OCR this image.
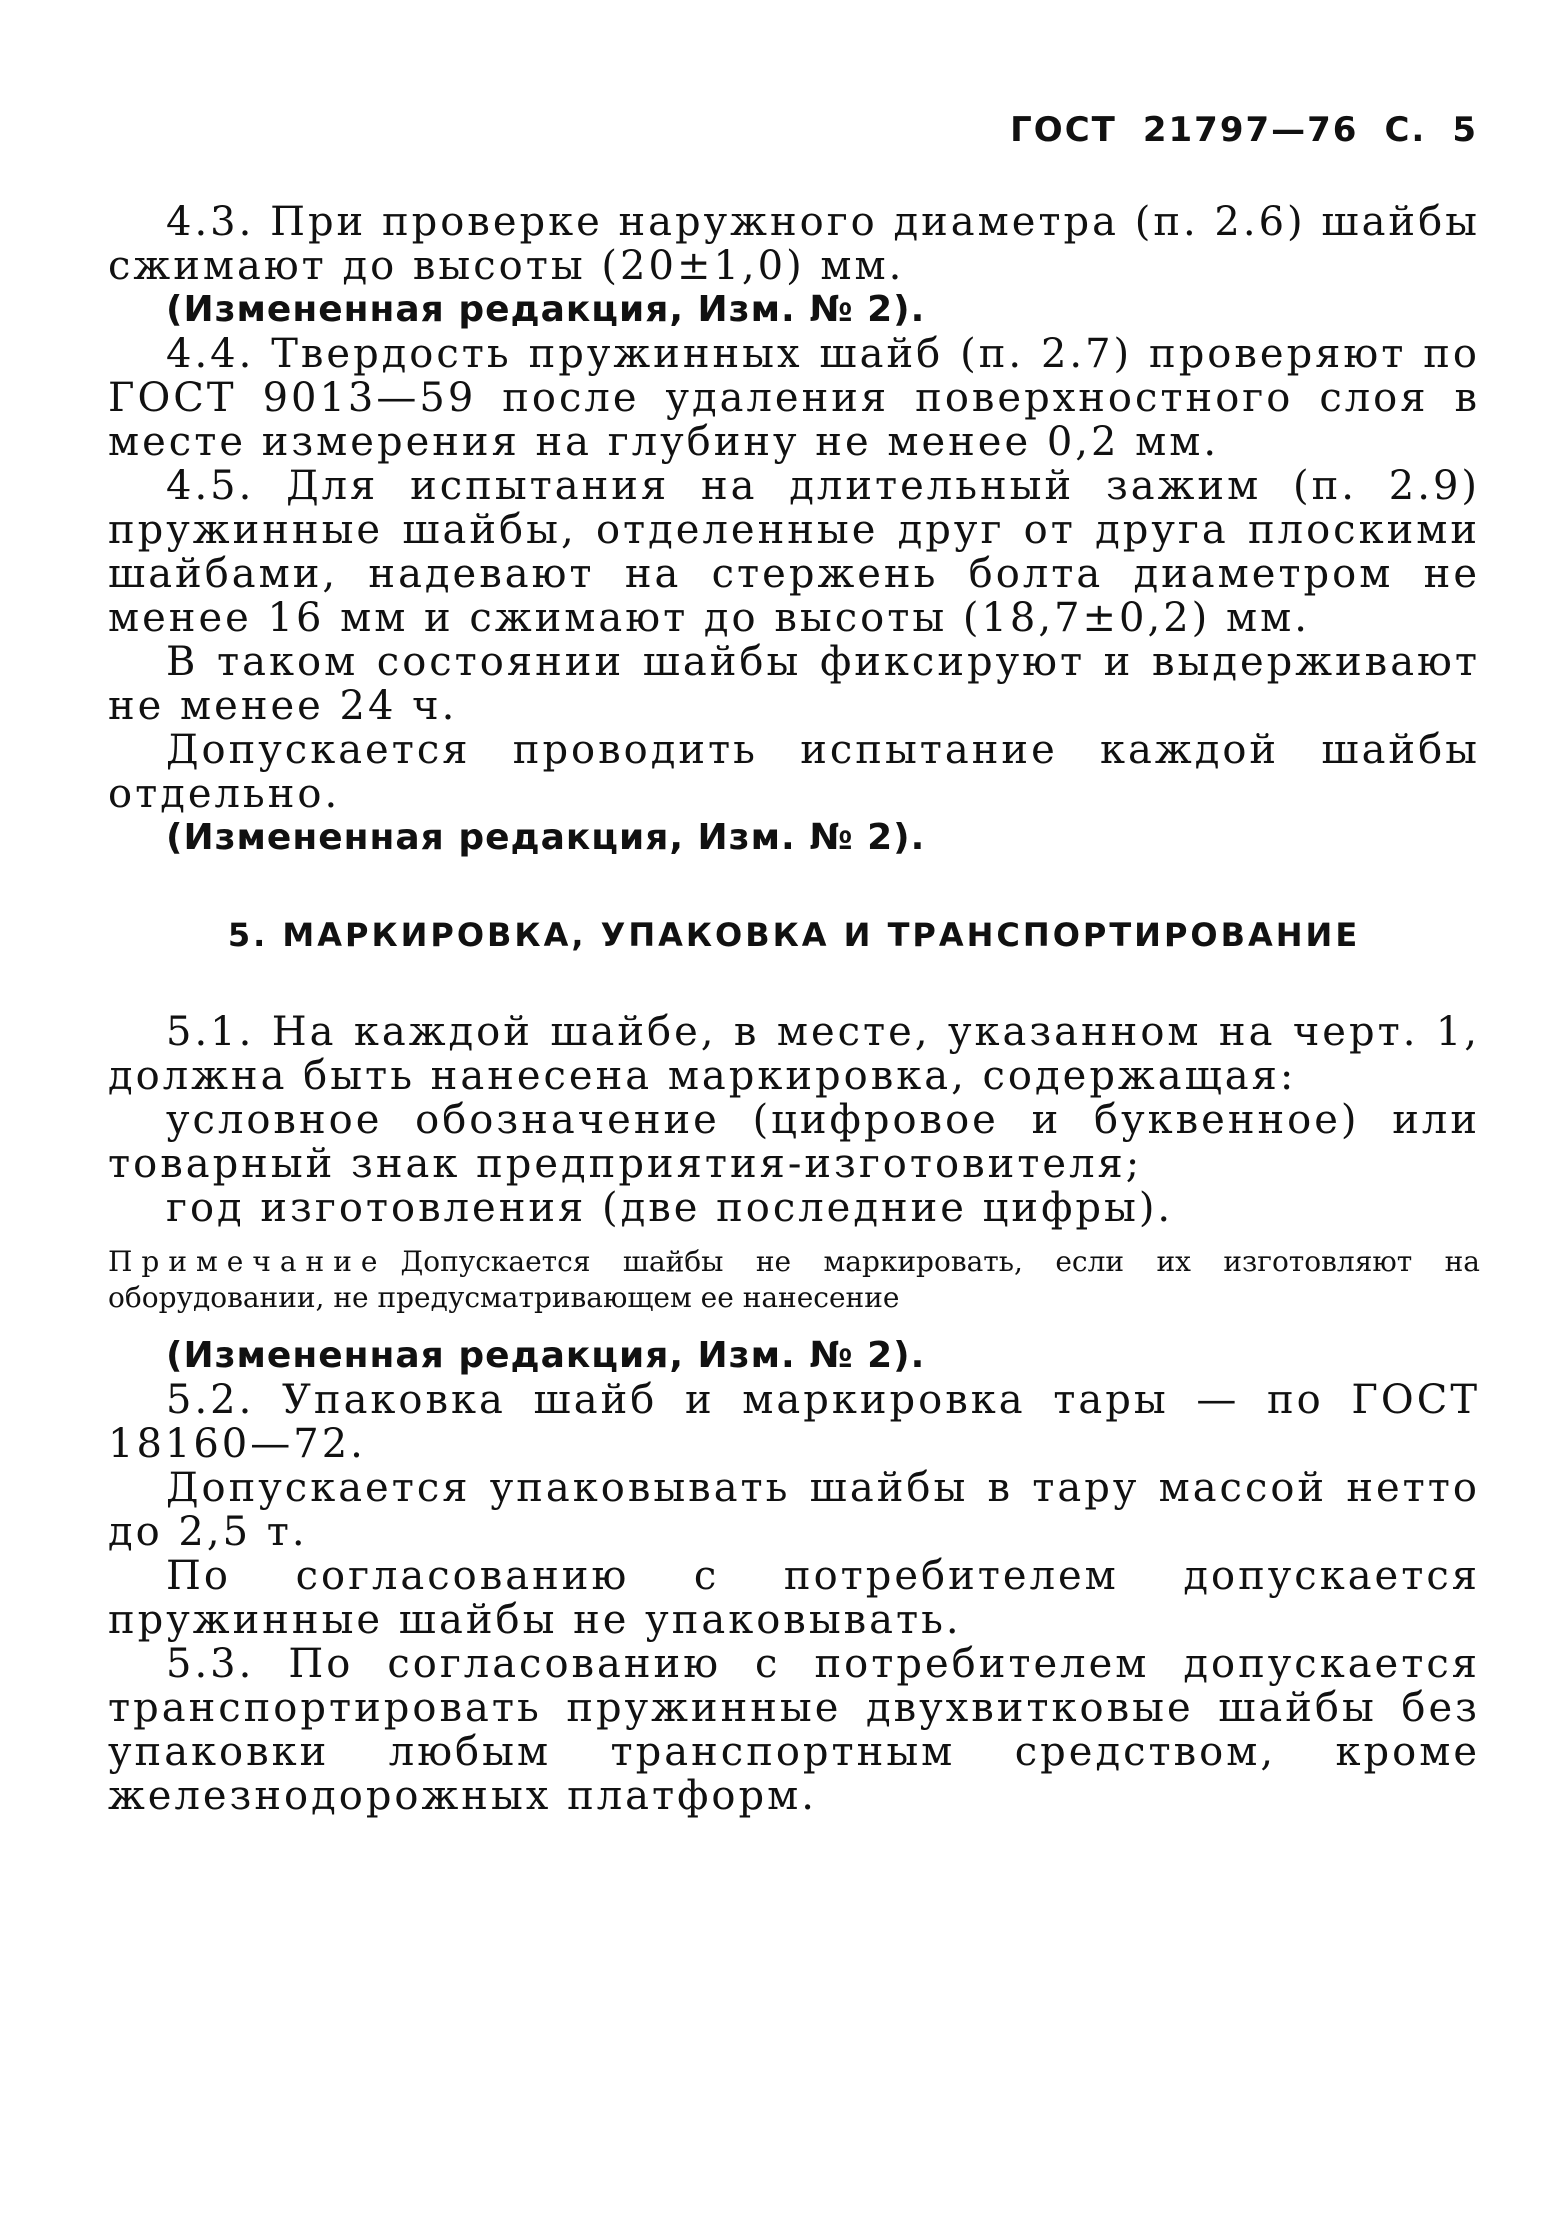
ГОСТ 21797—76 С. 5

4.3. При проверке наружного диаметра (п. 2.6) шайбы сжимают до высоты (20±1,0) мм.

(Измененная редакция, Изм. № 2).

4.4. Твердость пружинных шайб (п. 2.7) проверяют по ГОСТ 9013—59 после удаления поверхностного слоя в месте измерения на глубину не менее 0,2 мм.

4.5. Для испытания на длительный зажим (п. 2.9) пружинные шайбы, отделенные друг от друга плоскими шайбами, надевают на стержень болта диаметром не менее 16 мм и сжимают до высоты (18,7±0,2) мм.

В таком состоянии шайбы фиксируют и выдерживают не менее 24 ч.

Допускается проводить испытание каждой шайбы отдельно.

(Измененная редакция, Изм. № 2).

5. МАРКИРОВКА, УПАКОВКА И ТРАНСПОРТИРОВАНИЕ

5.1. На каждой шайбе, в месте, указанном на черт. 1, должна быть нанесена маркировка, содержащая:

условное обозначение (цифровое и буквенное) или товарный знак предприятия-изготовителя;

год изготовления (две последние цифры).

Примечание Допускается шайбы не маркировать, если их изготовляют на оборудовании, не предусматривающем ее нанесение

(Измененная редакция, Изм. № 2).

5.2. Упаковка шайб и маркировка тары — по ГОСТ 18160—72.

Допускается упаковывать шайбы в тару массой нетто до 2,5 т.

По согласованию с потребителем допускается пружинные шайбы не упаковывать.

5.3. По согласованию с потребителем допускается транспортировать пружинные двухвитковые шайбы без упаковки любым транспортным средством, кроме железнодорожных платформ.
